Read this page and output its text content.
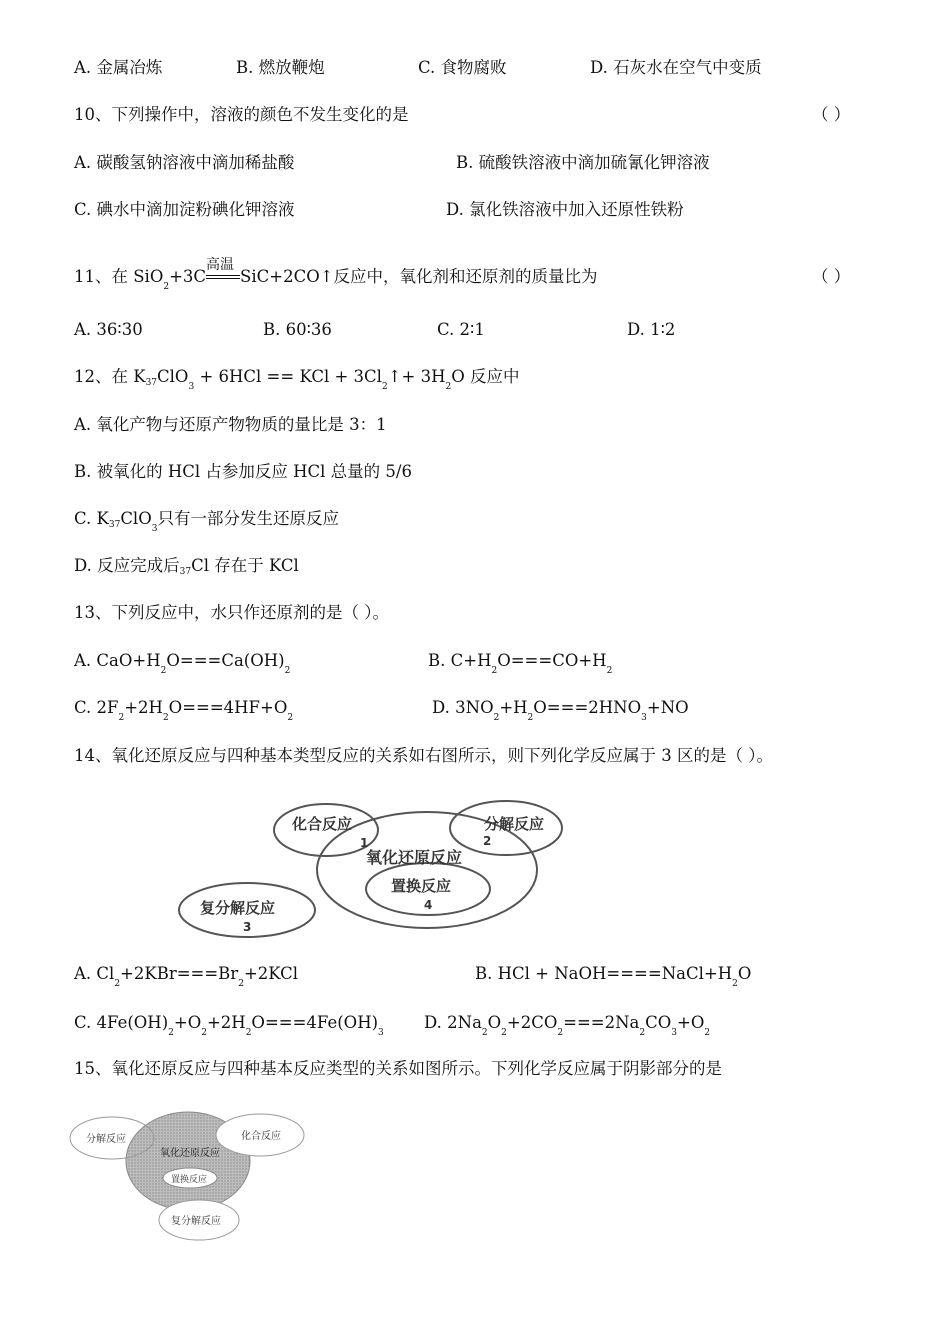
A. 金属冶炼	B. 燃放鞭炮	C. 食物腐败	D. 石灰水在空气中变质
10、下列操作中，溶液的颜色不发生变化的是	（ ）
A. 碳酸氢钠溶液中滴加稀盐酸	B. 硫酸铁溶液中滴加硫氰化钾溶液
C. 碘水中滴加淀粉碘化钾溶液	D. 氯化铁溶液中加入还原性铁粉
11、在 SiO$_2$+3C
高温
SiC+2CO↑反应中，氧化剂和还原剂的质量比为	（ ）
A. 36∶30	B. 60∶36	C. 2∶1	D. 1∶2
12、在 K37ClO$_3$ + 6HCl == KCl + $3Cl_2↑+ 3H_2O$ 反应中
A. 氧化产物与还原产物物质的量比是 3：1
B. 被氧化的 HCl 占参加反应 HCl 总量的 5/6
C. K37ClO$_3$只有一部分发生还原反应
D. 反应完成后37Cl 存在于 KCl
13、下列反应中，水只作还原剂的是（ ）。
A. $CaO+H_2O===Ca(OH)_2$
B. $C+H_2O===CO+H_2$
C. $2F_2+2H_2O===4HF+O_2$
D. $3NO_2+H_2O===2HNO_3+NO$
14、氧化还原反应与四种基本类型反应的关系如右图所示，则下列化学反应属于 3 区的是（ ）。
化合反应	分解反应
1	2
氧化还原反应
置换反应
4
复分解反应
3
A. $Cl_2+2KBr===Br_2+2KCl$	B. HCl + $NaOH====NaCl+H_2O$
C. $4Fe(OH)_2+O_2+2H_2O===4Fe(OH)_3$
D. $2Na_2O_2+2CO_2===2Na_2CO_3+O_2$
15、氧化还原反应与四种基本反应类型的关系如图所示。下列化学反应属于阴影部分的是
分解反应	化合反应
氧化还原反应
置换反应
复分解反应
